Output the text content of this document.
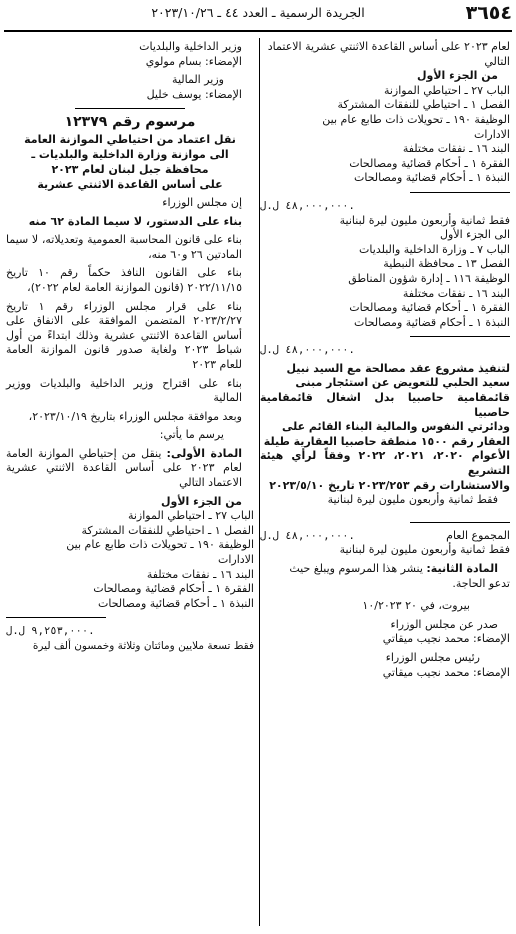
٣٦٥٤
الجريدة الرسمية ـ العدد ٤٤ ـ ٢٠٢٣/١٠/٢٦

لعام ٢٠٢٣ على أساس القاعدة الاثنتي عشرية الاعتماد

التالي

من الجزء الأول

الباب ٢٧ ـ احتياطي الموازنة

الفصل ١ ـ احتياطي للنفقات المشتركة

الوظيفة ١٩٠ ـ تحويلات ذات طابع عام بين

الادارات

البند ١٦ ـ نفقات مختلفة

الفقرة ١ ـ أحكام قضائية ومصالحات

النبذة ١ ـ أحكام قضائية ومصالحات

٤٨,٠٠٠,٠٠٠ ل.ل.

فقط ثمانية وأربعون مليون ليرة لبنانية

الى الجزء الأول

الباب ٧ ـ وزارة الداخلية والبلديات

الفصل ١٣ ـ محافظة النبطية

الوظيفة ١١٦ ـ إدارة شؤون المناطق

البند ١٦ ـ نفقات مختلفة

الفقرة ١ ـ أحكام قضائية ومصالحات

النبذة ١ ـ أحكام قضائية ومصالحات

٤٨,٠٠٠,٠٠٠ ل.ل.

لتنفيذ مشروع عقد مصالحة مع السيد نبيل

سعيد الحلبي للتعويض عن استئجار مبنى

قائمقامية حاصبيا بدل اشغال قائمقامية حاصبيا

ودائرتي النفوس والمالية البناء القائم على

العقار رقم ١٥٠٠ منطقة حاصبيا العقارية طيلة

الأعوام ٢٠٢٠، ٢٠٢١، ٢٠٢٢ وفقاً لرأي هيئة التشريع

والاستشارات رقم ٢٠٢٣/٢٥٣ تاريخ ٢٠٢٣/٥/١٠

فقط ثمانية وأربعون مليون ليرة لبنانية

المجموع العام
٤٨,٠٠٠,٠٠٠ ل.ل.

فقط ثمانية وأربعون مليون ليرة لبنانية

المادة الثانية: ينشر هذا المرسوم ويبلغ حيث

تدعو الحاجة.

بيروت، في ٢٠ ١٠/٢٠٢٣

صدر عن مجلس الوزراء

الإمضاء: محمد نجيب ميقاتي

رئيس مجلس الوزراء

الإمضاء: محمد نجيب ميقاتي

وزير الداخلية والبلديات

الإمضاء: بسام مولوي

وزير المالية

الإمضاء: يوسف خليل

مرسوم رقم ١٢٣٧٩

نقل اعتماد من احتياطي الموازنة العامة

الى موازنة وزارة الداخلية والبلديات ـ

محافظة جبل لبنان لعام ٢٠٢٣

على أساس القاعدة الاثنتي عشرية

إن مجلس الوزراء

بناء على الدستور، لا سيما المادة ٦٢ منه

بناء على قانون المحاسبة العمومية وتعديلاته، لا سيما المادتين ٢٦ و٦٠ منه،

بناء على القانون النافذ حكماً رقم ١٠ تاريخ ٢٠٢٢/١١/١٥ (قانون الموازنة العامة لعام ٢٠٢٢)،

بناء على قرار مجلس الوزراء رقم ١ تاريخ ٢٠٢٣/٢/٢٧ المتضمن الموافقة على الانفاق على أساس القاعدة الاثنتي عشرية وذلك ابتداءً من أول شباط ٢٠٢٣ ولغاية صدور قانون الموازنة العامة للعام ٢٠٢٣

بناء على اقتراح وزير الداخلية والبلديات ووزير المالية

وبعد موافقة مجلس الوزراء بتاريخ ٢٠٢٣/١٠/١٩،

يرسم ما يأتي:

المادة الأولى: ينقل من إحتياطي الموازنة العامة لعام ٢٠٢٣ على أساس القاعدة الاثنتي عشرية الاعتماد التالي

من الجزء الأول

الباب ٢٧ ـ احتياطي الموازنة

الفصل ١ ـ احتياطي للنفقات المشتركة

الوظيفة ١٩٠ ـ تحويلات ذات طابع عام بين

الادارات

البند ١٦ ـ نفقات مختلفة

الفقرة ١ ـ أحكام قضائية ومصالحات

النبذة ١ ـ أحكام قضائية ومصالحات

٩,٢٥٣,٠٠٠ ل.ل.

فقط تسعة ملايين ومائتان وثلاثة وخمسون ألف ليرة
